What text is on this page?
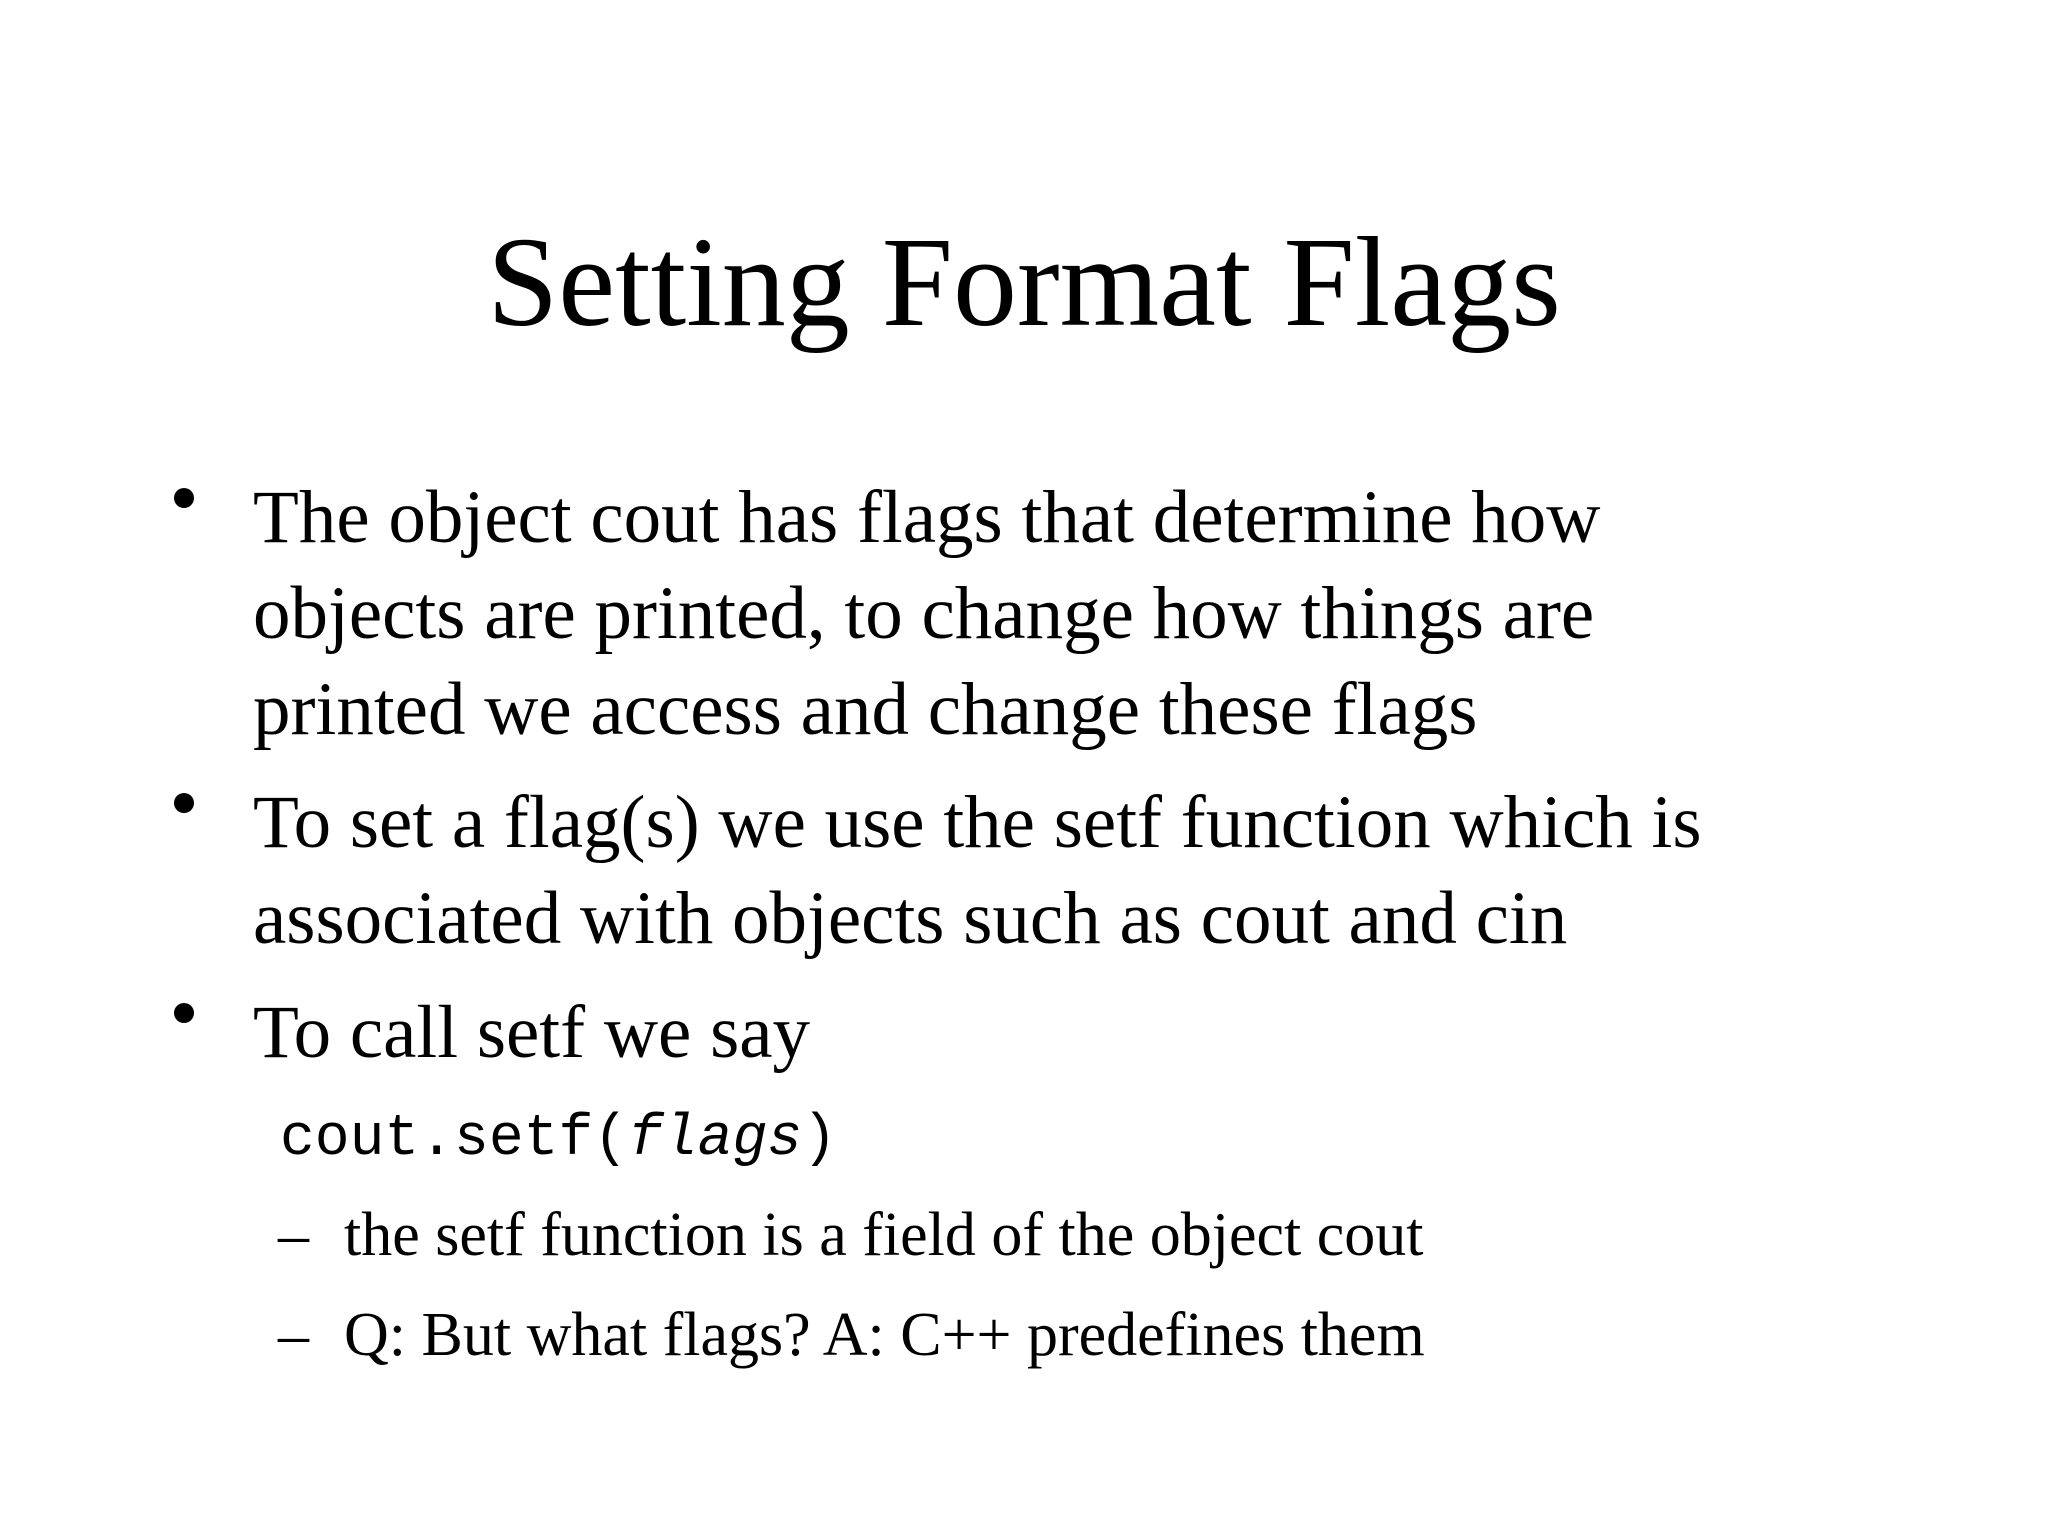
Setting Format Flags
The object cout has flags that determine how
objects are printed, to change how things are
printed we access and change these flags
To set a flag(s) we use the setf function which is
associated with objects such as cout and cin
To call setf we say
cout.setf(flags)
– the setf function is a field of the object cout
– Q: But what flags? A: C++ predefines them
